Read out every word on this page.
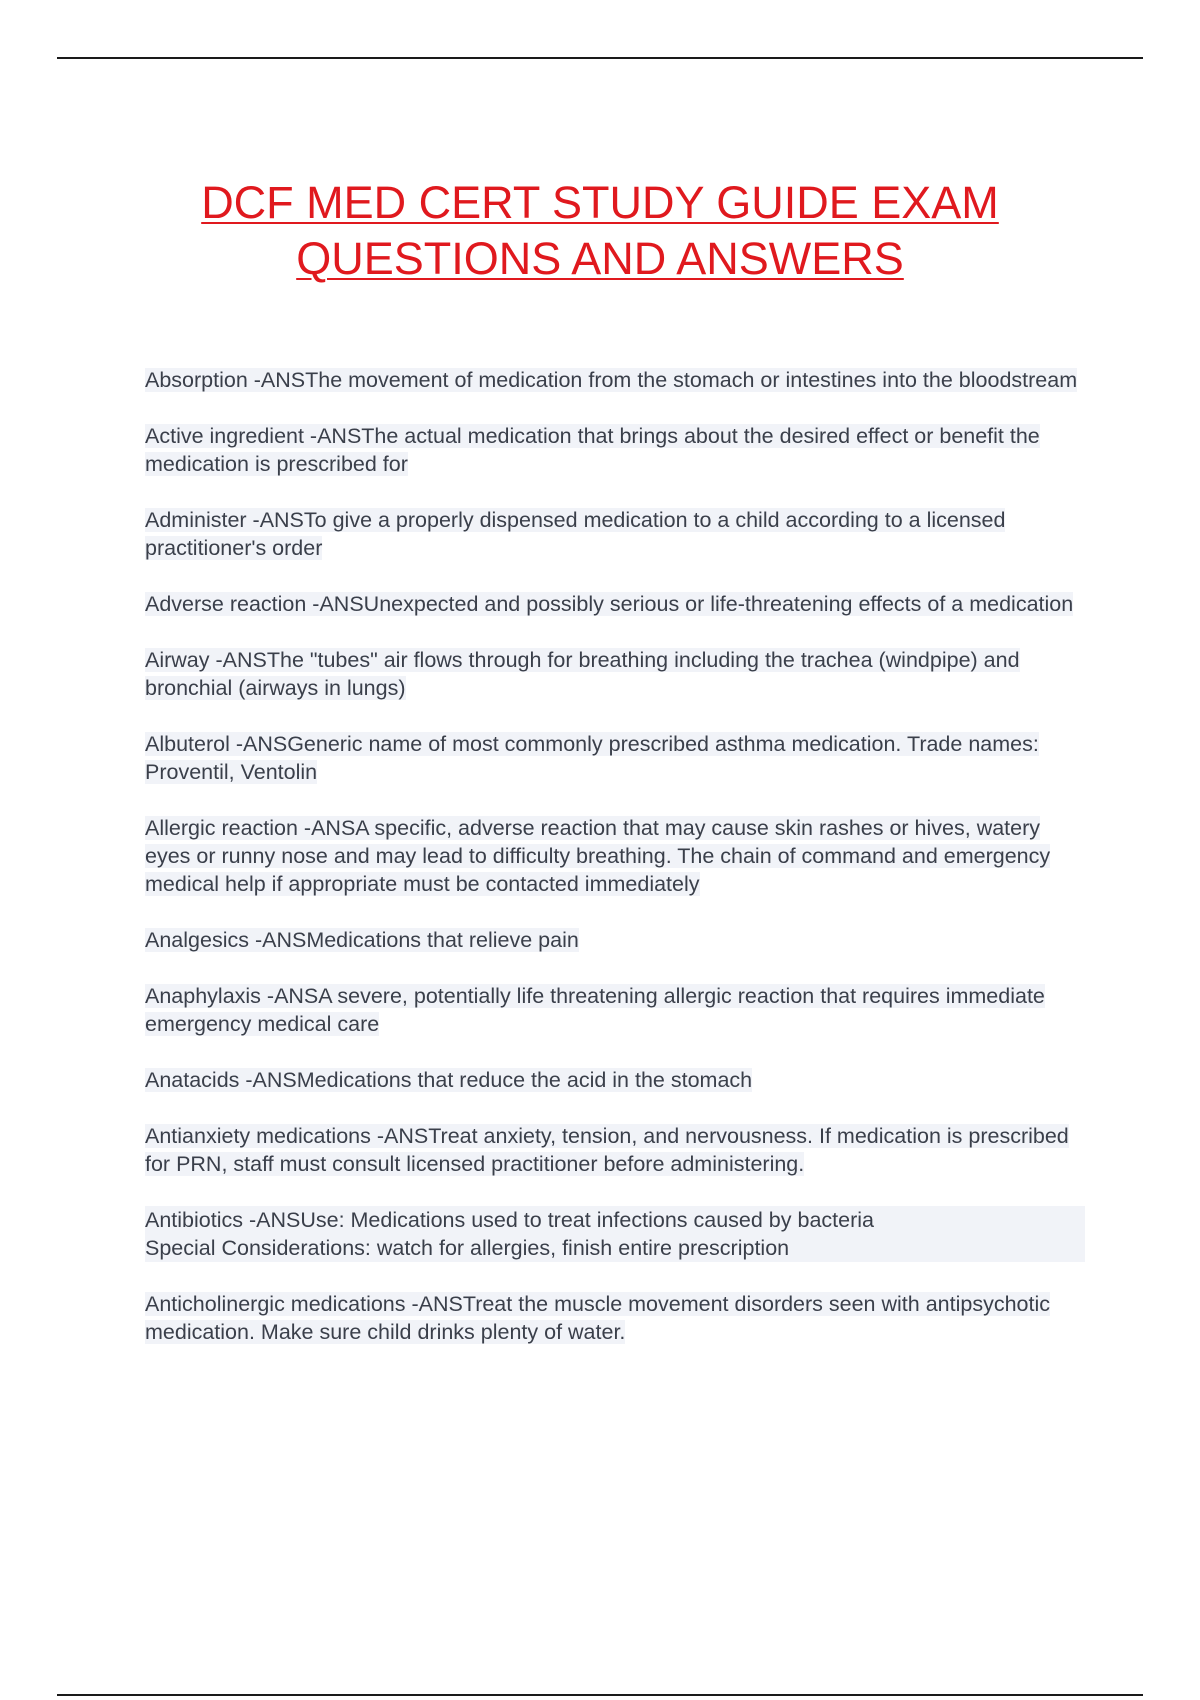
DCF MED CERT STUDY GUIDE EXAM
QUESTIONS AND ANSWERS

Absorption -ANSThe movement of medication from the stomach or intestines into the bloodstream

Active ingredient -ANSThe actual medication that brings about the desired effect or benefit the medication is prescribed for

Administer -ANSTo give a properly dispensed medication to a child according to a licensed practitioner's order

Adverse reaction -ANSUnexpected and possibly serious or life-threatening effects of a medication

Airway -ANSThe "tubes" air flows through for breathing including the trachea (windpipe) and bronchial (airways in lungs)

Albuterol -ANSGeneric name of most commonly prescribed asthma medication. Trade names: Proventil, Ventolin

Allergic reaction -ANSA specific, adverse reaction that may cause skin rashes or hives, watery eyes or runny nose and may lead to difficulty breathing. The chain of command and emergency medical help if appropriate must be contacted immediately

Analgesics -ANSMedications that relieve pain

Anaphylaxis -ANSA severe, potentially life threatening allergic reaction that requires immediate emergency medical care

Anatacids -ANSMedications that reduce the acid in the stomach

Antianxiety medications -ANSTreat anxiety, tension, and nervousness. If medication is prescribed for PRN, staff must consult licensed practitioner before administering.

Antibiotics -ANSUse: Medications used to treat infections caused by bacteria
Special Considerations: watch for allergies, finish entire prescription

Anticholinergic medications -ANSTreat the muscle movement disorders seen with antipsychotic medication. Make sure child drinks plenty of water.
